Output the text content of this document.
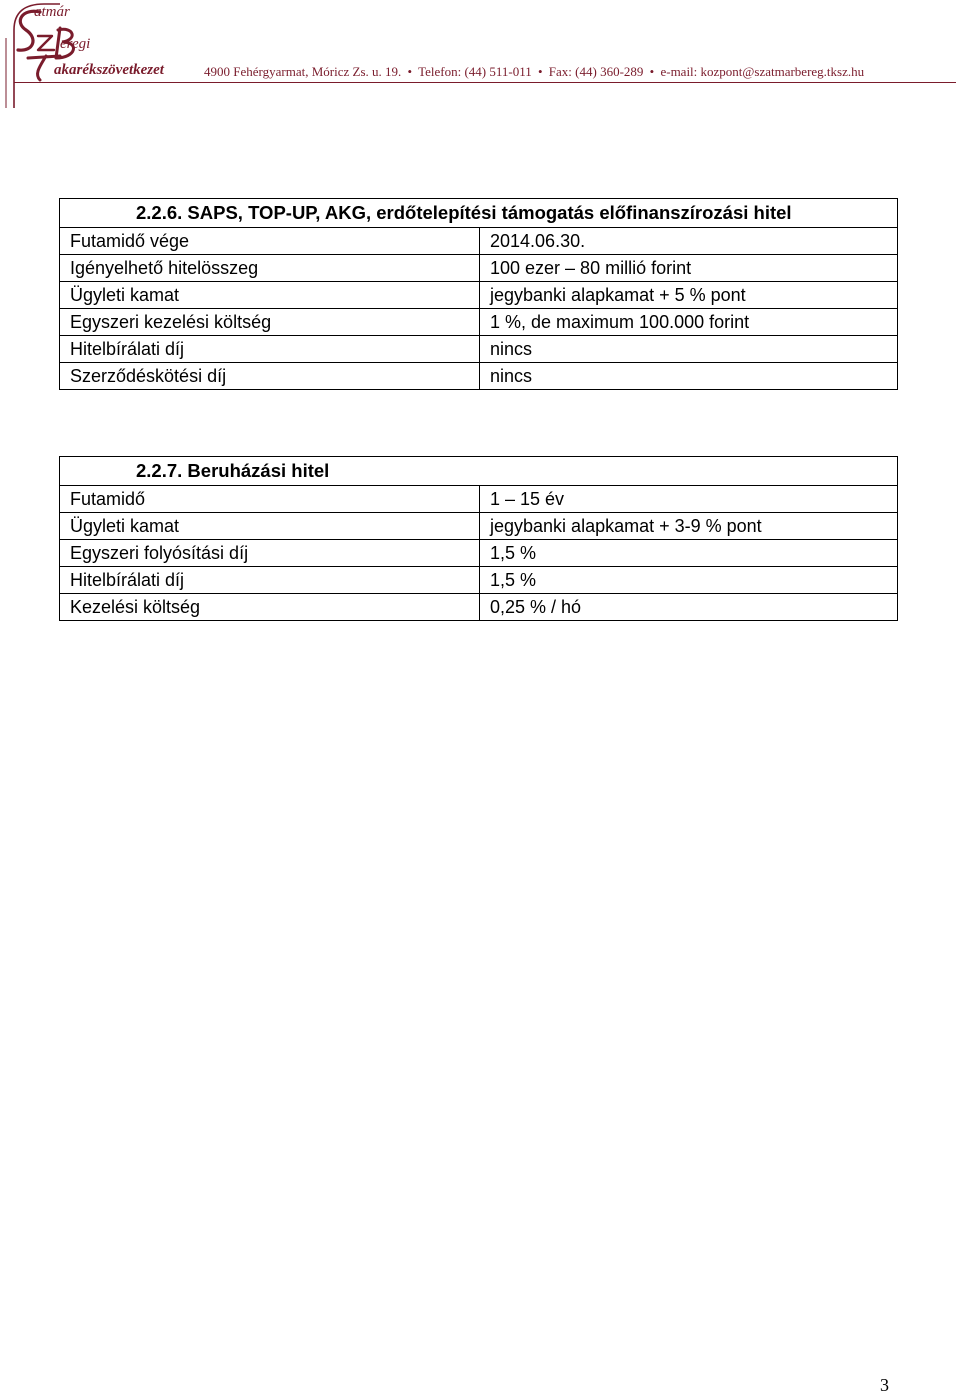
atmár
eregi
akarékszövetkezet	4900 Fehérgyarmat, Móricz Zs. u. 19. • Telefon: (44) 511-011 • Fax: (44) 360-289 • e-mail: kozpont@szatmarbereg.tksz.hu
2.2.6. SAPS, TOP-UP, AKG, erdőtelepítési támogatás előfinanszírozási hitel	
Futamidő vége	2014.06.30.
Igényelhető hitelösszeg	100 ezer – 80 millió forint
Ügyleti kamat	jegybanki alapkamat + 5 % pont
Egyszeri kezelési költség	1 %, de maximum 100.000 forint
Hitelbírálati díj	nincs
Szerződéskötési díj	nincs
2.2.7. Beruházási hitel	
Futamidő	1 – 15 év
Ügyleti kamat	jegybanki alapkamat + 3-9 % pont
Egyszeri folyósítási díj	1,5 %
Hitelbírálati díj	1,5 %
Kezelési költség	0,25 % / hó
3
